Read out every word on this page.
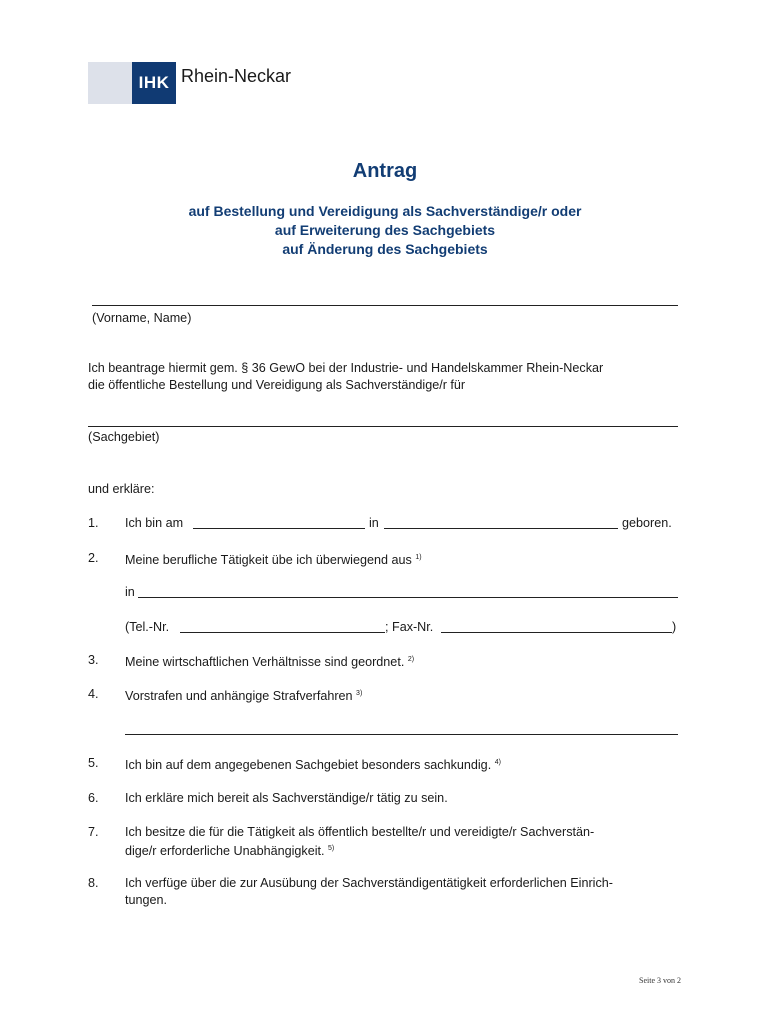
IHK Rhein-Neckar
Antrag
auf Bestellung und Vereidigung als Sachverständige/r oder
auf Erweiterung des Sachgebiets
auf Änderung des Sachgebiets
(Vorname, Name)
Ich beantrage hiermit gem. § 36 GewO bei der Industrie- und Handelskammer Rhein-Neckar
die öffentliche Bestellung und Vereidigung als Sachverständige/r für
(Sachgebiet)
und erkläre:
1. Ich bin am	in	geboren.
2. Meine berufliche Tätigkeit übe ich überwiegend aus $^{1)}$
in
(Tel.-Nr.	; Fax-Nr.	)
3. Meine wirtschaftlichen Verhältnisse sind geordnet. $^{2)}$
4. Vorstrafen und anhängige Strafverfahren $^{3)}$
5. Ich bin auf dem angegebenen Sachgebiet besonders sachkundig. $^{4)}$
6. Ich erkläre mich bereit als Sachverständige/r tätig zu sein.
7. Ich besitze die für die Tätigkeit als öffentlich bestellte/r und vereidigte/r Sachverstän-
dige/r erforderliche Unabhängigkeit. $^{5)}$
8. Ich verfüge über die zur Ausübung der Sachverständigentätigkeit erforderlichen Einrich-
tungen.
Seite 3 von 2
